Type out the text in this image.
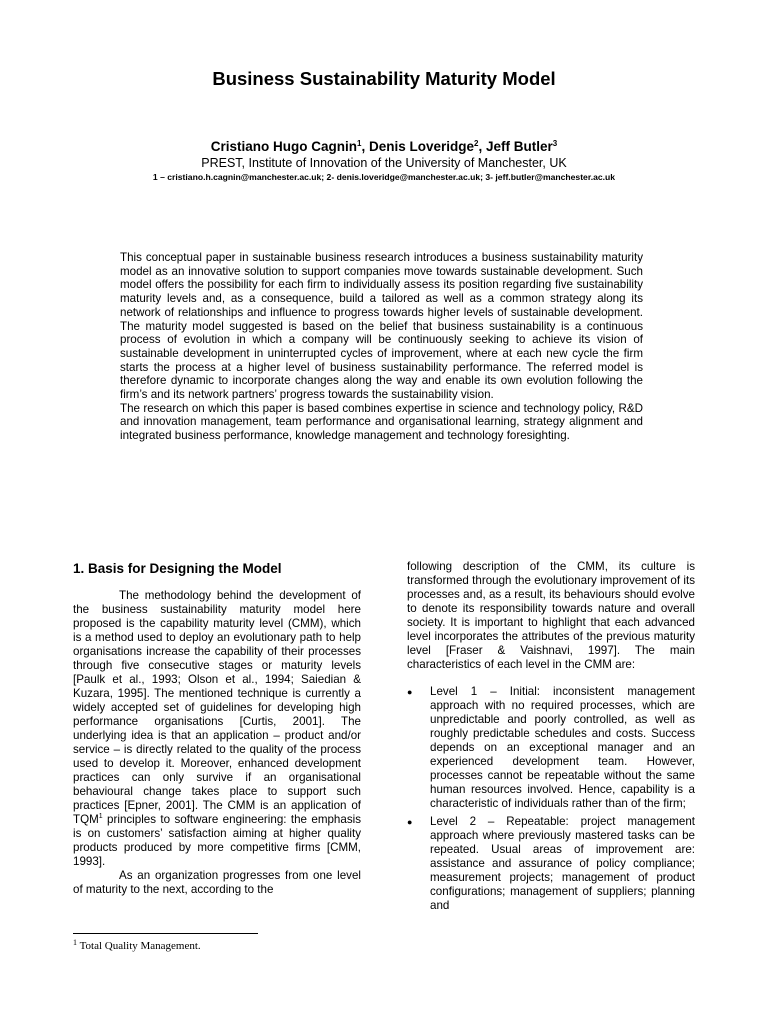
Business Sustainability Maturity Model
Cristiano Hugo Cagnin$^1$, Denis Loveridge$^2$, Jeff Butler$^3$
PREST, Institute of Innovation of the University of Manchester, UK
1 – cristiano.h.cagnin@manchester.ac.uk; 2- denis.loveridge@manchester.ac.uk; 3- jeff.butler@manchester.ac.uk

This conceptual paper in sustainable business research introduces a business sustainability maturity model as an innovative solution to support companies move towards sustainable development. Such model offers the possibility for each firm to individually assess its position regarding five sustainability maturity levels and, as a consequence, build a tailored as well as a common strategy along its network of relationships and influence to progress towards higher levels of sustainable development. The maturity model suggested is based on the belief that business sustainability is a continuous process of evolution in which a company will be continuously seeking to achieve its vision of sustainable development in uninterrupted cycles of improvement, where at each new cycle the firm starts the process at a higher level of business sustainability performance. The referred model is therefore dynamic to incorporate changes along the way and enable its own evolution following the firm’s and its network partners’ progress towards the sustainability vision.

The research on which this paper is based combines expertise in science and technology policy, R&D and innovation management, team performance and organisational learning, strategy alignment and integrated business performance, knowledge management and technology foresighting.

1. Basis for Designing the Model

The methodology behind the development of the business sustainability maturity model here proposed is the capability maturity level (CMM), which is a method used to deploy an evolutionary path to help organisations increase the capability of their processes through five consecutive stages or maturity levels [Paulk et al., 1993; Olson et al., 1994; Saiedian & Kuzara, 1995]. The mentioned technique is currently a widely accepted set of guidelines for developing high performance organisations [Curtis, 2001]. The underlying idea is that an application – product and/or service – is directly related to the quality of the process used to develop it. Moreover, enhanced development practices can only survive if an organisational behavioural change takes place to support such practices [Epner, 2001]. The CMM is an application of TQM$^1$ principles to software engineering: the emphasis is on customers’ satisfaction aiming at higher quality products produced by more competitive firms [CMM, 1993].

As an organization progresses from one level of maturity to the next, according to the

following description of the CMM, its culture is transformed through the evolutionary improvement of its processes and, as a result, its behaviours should evolve to denote its responsibility towards nature and overall society. It is important to highlight that each advanced level incorporates the attributes of the previous maturity level [Fraser & Vaishnavi, 1997]. The main characteristics of each level in the CMM are:

● Level 1 – Initial: inconsistent management approach with no required processes, which are unpredictable and poorly controlled, as well as roughly predictable schedules and costs. Success depends on an exceptional manager and an experienced development team. However, processes cannot be repeatable without the same human resources involved. Hence, capability is a characteristic of individuals rather than of the firm;
● Level 2 – Repeatable: project management approach where previously mastered tasks can be repeated. Usual areas of improvement are: assistance and assurance of policy compliance; measurement projects; management of product configurations; management of suppliers; planning and
$^1$ Total Quality Management.
